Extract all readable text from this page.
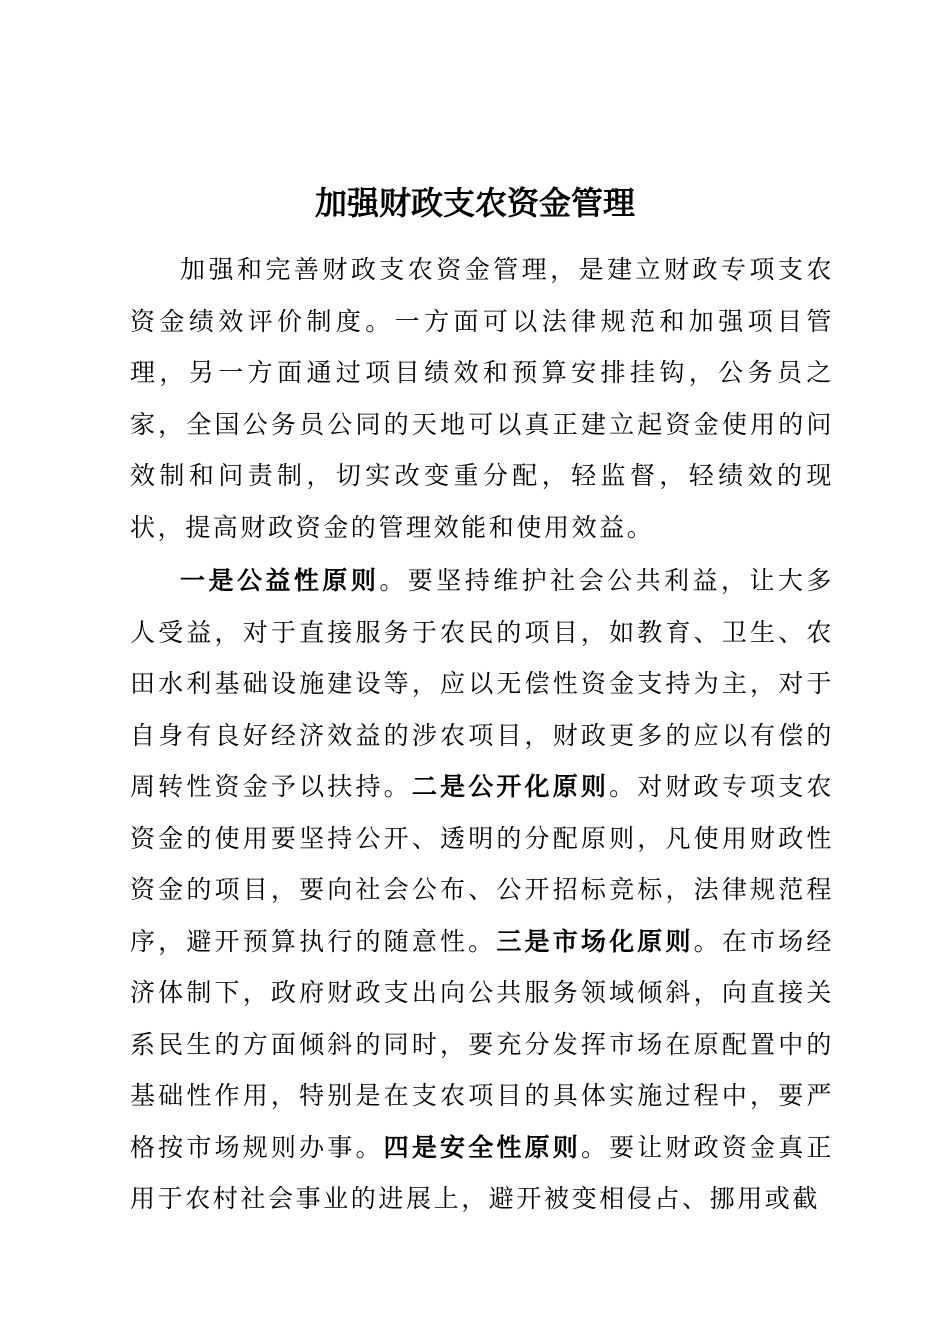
加强财政支农资金管理

加强和完善财政支农资金管理，是建立财政专项支农资金绩效评价制度。一方面可以法律规范和加强项目管理，另一方面通过项目绩效和预算安排挂钩，公务员之家，全国公务员公同的天地可以真正建立起资金使用的问效制和问责制，切实改变重分配，轻监督，轻绩效的现状，提高财政资金的管理效能和使用效益。

一是公益性原则。要坚持维护社会公共利益，让大多人受益，对于直接服务于农民的项目，如教育、卫生、农田水利基础设施建设等，应以无偿性资金支持为主，对于自身有良好经济效益的涉农项目，财政更多的应以有偿的周转性资金予以扶持。二是公开化原则。对财政专项支农资金的使用要坚持公开、透明的分配原则，凡使用财政性资金的项目，要向社会公布、公开招标竞标，法律规范程序，避开预算执行的随意性。三是市场化原则。在市场经济体制下，政府财政支出向公共服务领域倾斜，向直接关系民生的方面倾斜的同时，要充分发挥市场在原配置中的基础性作用，特别是在支农项目的具体实施过程中，要严格按市场规则办事。四是安全性原则。要让财政资金真正用于农村社会事业的进展上，避开被变相侵占、挪用或截
